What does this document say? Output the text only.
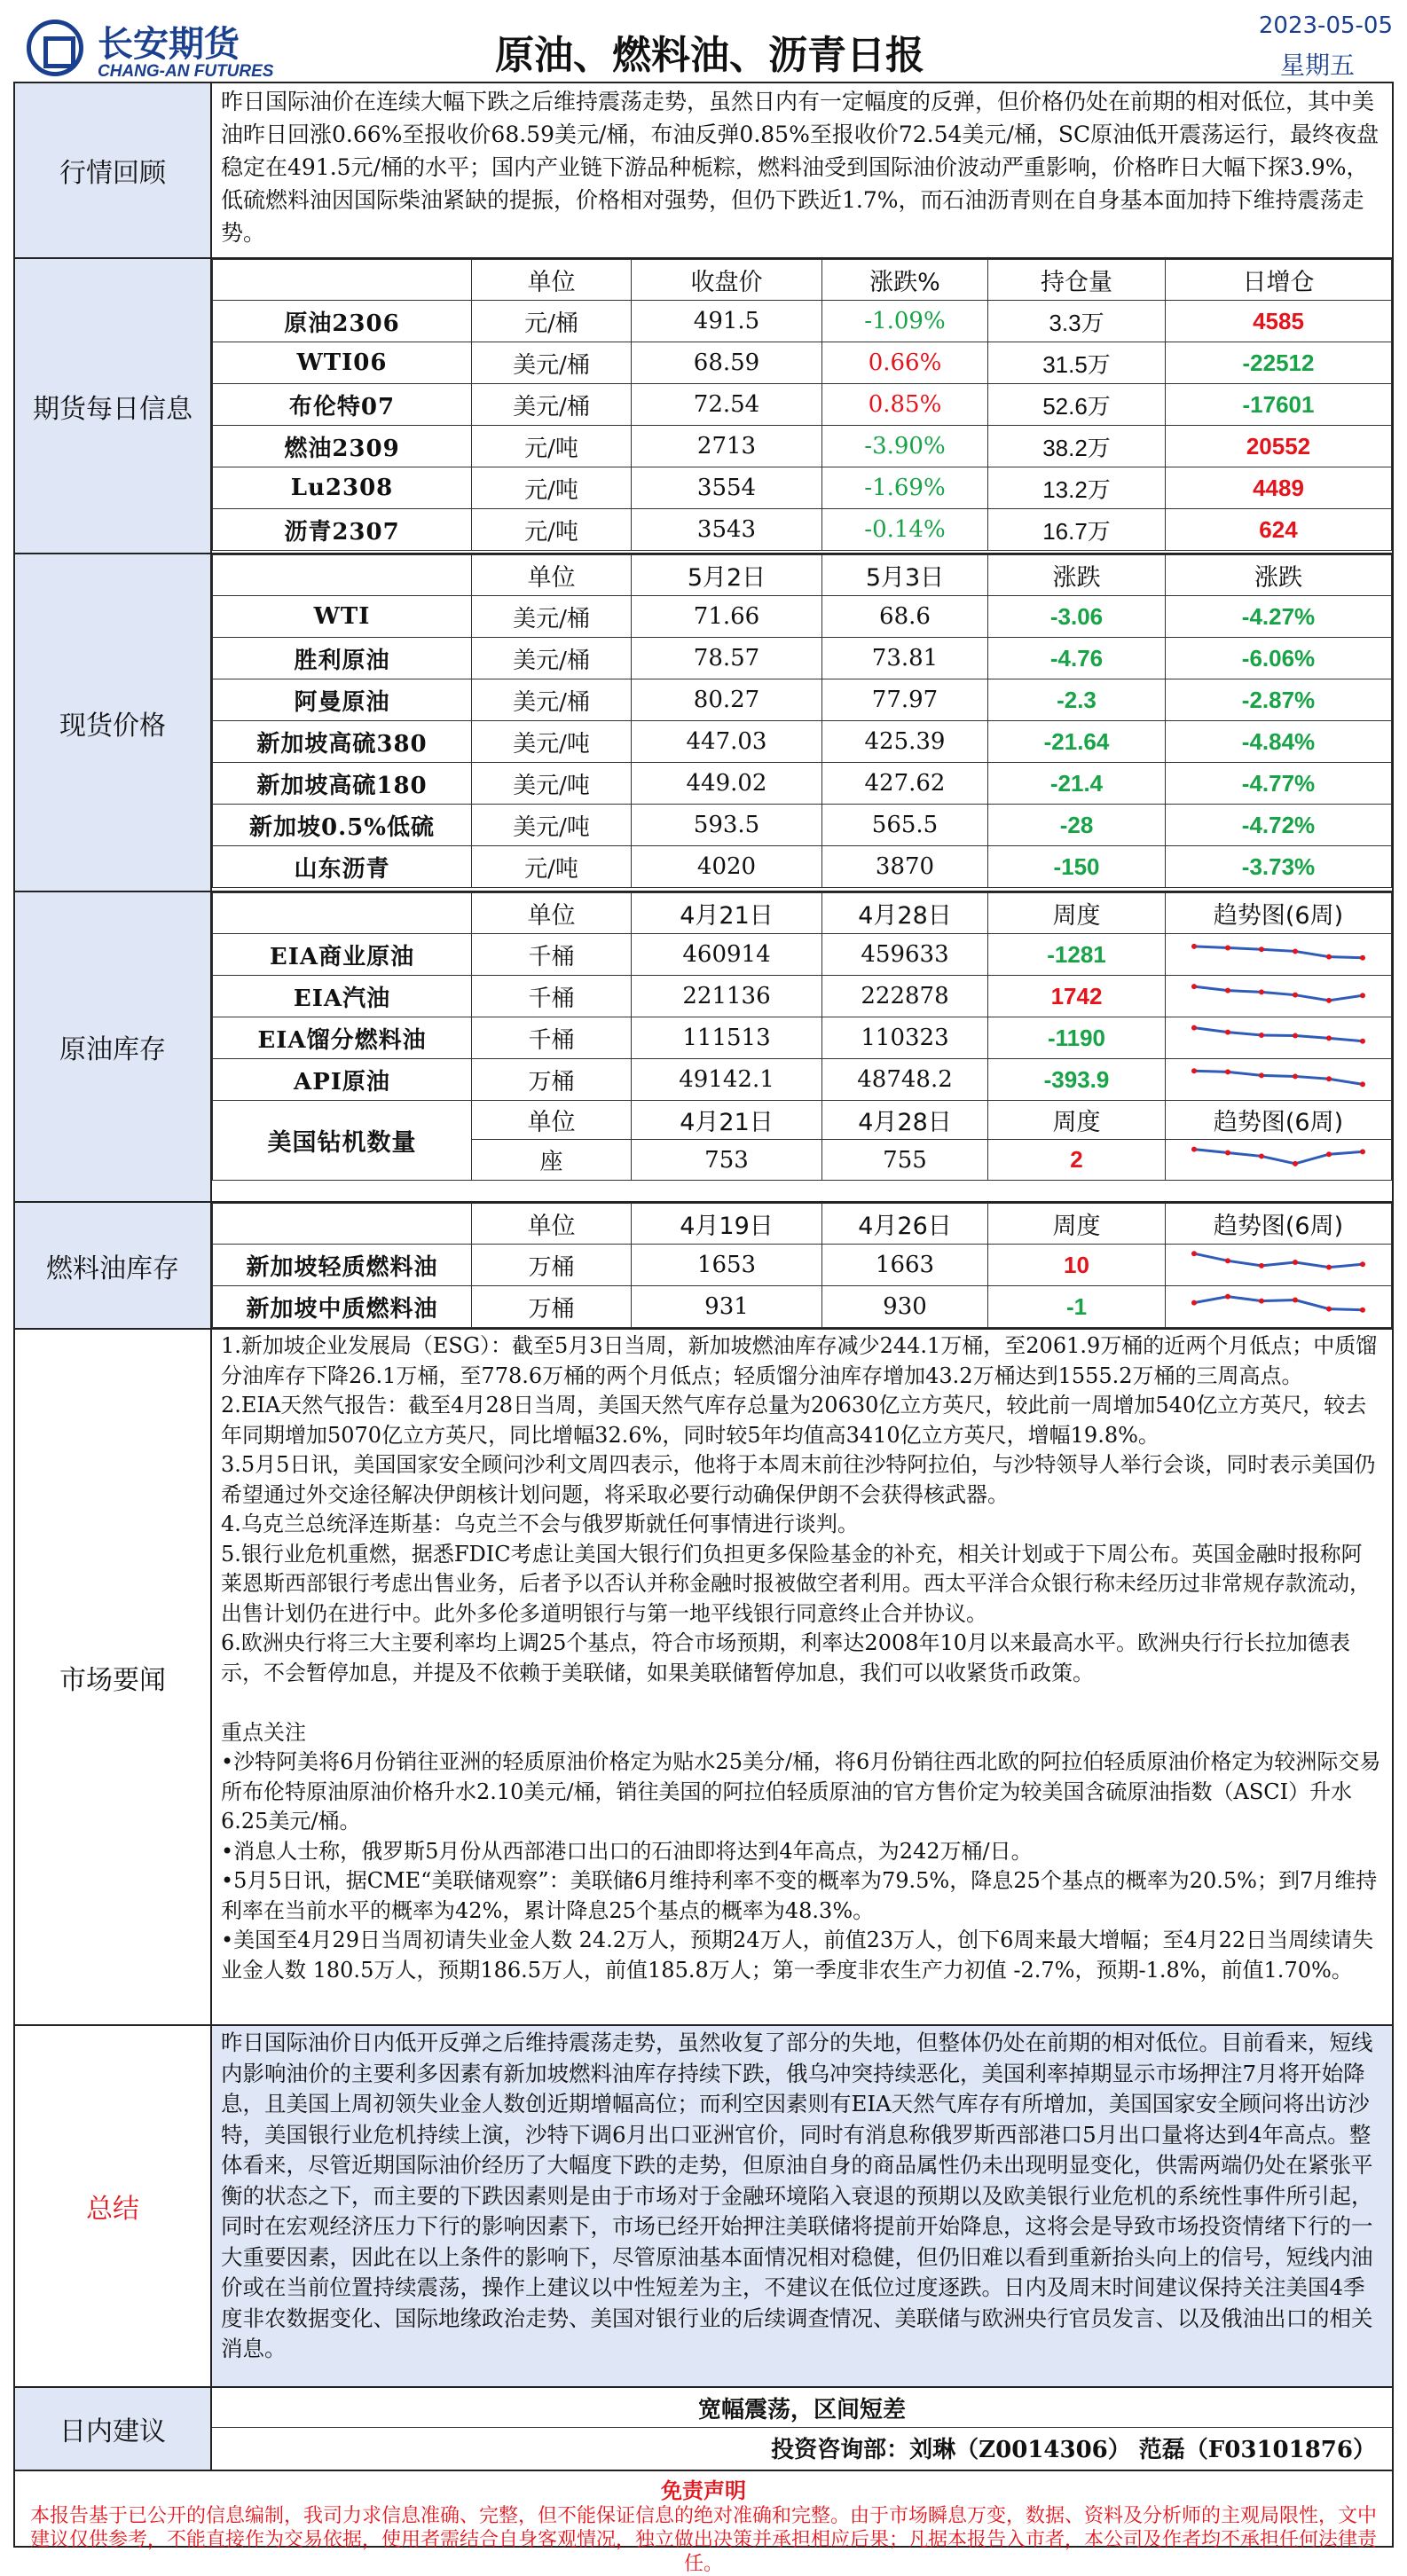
长安期货
CHANG-AN FUTURES	原油、燃料油、沥青日报
2023-05-05
星期五
行情回顾
昨日国际油价在连续大幅下跌之后维持震荡走势，虽然日内有一定幅度的反弹，但价格仍处在前期的相对低位，其中美油昨日回涨0.66%至报收价68.59美元/桶，布油反弹0.85%至报收价72.54美元/桶，SC原油低开震荡运行，最终夜盘稳定在491.5元/桶的水平；国内产业链下游品种栀粽，燃料油受到国际油价波动严重影响，价格昨日大幅下探3.9%，低硫燃料油因国际柴油紧缺的提振，价格相对强势，但仍下跌近1.7%，而石油沥青则在自身基本面加持下维持震荡走势。
期货每日信息
	单位	收盘价	涨跌%	持仓量	日增仓
原油2306	元/桶	491.5	-1.09%	3.3万	4585
WTI06	美元/桶	68.59	0.66%	31.5万	-22512
布伦特07	美元/桶	72.54	0.85%	52.6万	-17601
燃油2309	元/吨	2713	-3.90%	38.2万	20552
Lu2308	元/吨	3554	-1.69%	13.2万	4489
沥青2307	元/吨	3543	-0.14%	16.7万	624
现货价格
	单位	5月2日	5月3日	涨跌	涨跌
WTI	美元/桶	71.66	68.6	-3.06	-4.27%
胜利原油	美元/桶	78.57	73.81	-4.76	-6.06%
阿曼原油	美元/桶	80.27	77.97	-2.3	-2.87%
新加坡高硫380	美元/吨	447.03	425.39	-21.64	-4.84%
新加坡高硫180	美元/吨	449.02	427.62	-21.4	-4.77%
新加坡0.5%低硫	美元/吨	593.5	565.5	-28	-4.72%
山东沥青	元/吨	4020	3870	-150	-3.73%
原油库存
	单位	4月21日	4月28日	周度	趋势图(6周)
EIA商业原油	千桶	460914	459633	-1281	
EIA汽油	千桶	221136	222878	1742	
EIA馏分燃料油	千桶	111513	110323	-1190	
API原油	万桶	49142.1	48748.2	-393.9	
美国钻机数量	单位	4月21日	4月28日	周度	趋势图(6周)
	座	753	755	2	
燃料油库存
	单位	4月19日	4月26日	周度	趋势图(6周)
新加坡轻质燃料油	万桶	1653	1663	10	
新加坡中质燃料油	万桶	931	930	-1	
市场要闻
1.新加坡企业发展局（ESG）：截至5月3日当周，新加坡燃油库存减少244.1万桶，至2061.9万桶的近两个月低点；中质馏分油库存下降26.1万桶，至778.6万桶的两个月低点；轻质馏分油库存增加43.2万桶达到1555.2万桶的三周高点。
2.EIA天然气报告：截至4月28日当周，美国天然气库存总量为20630亿立方英尺，较此前一周增加540亿立方英尺，较去年同期增加5070亿立方英尺，同比增幅32.6%，同时较5年均值高3410亿立方英尺，增幅19.8%。
3.5月5日讯，美国国家安全顾问沙利文周四表示，他将于本周末前往沙特阿拉伯，与沙特领导人举行会谈，同时表示美国仍希望通过外交途径解决伊朗核计划问题，将采取必要行动确保伊朗不会获得核武器。
4.乌克兰总统泽连斯基：乌克兰不会与俄罗斯就任何事情进行谈判。
5.银行业危机重燃，据悉FDIC考虑让美国大银行们负担更多保险基金的补充，相关计划或于下周公布。英国金融时报称阿莱恩斯西部银行考虑出售业务，后者予以否认并称金融时报被做空者利用。西太平洋合众银行称未经历过非常规存款流动，出售计划仍在进行中。此外多伦多道明银行与第一地平线银行同意终止合并协议。
6.欧洲央行将三大主要利率均上调25个基点，符合市场预期，利率达2008年10月以来最高水平。欧洲央行行长拉加德表示，不会暂停加息，并提及不依赖于美联储，如果美联储暂停加息，我们可以收紧货币政策。

重点关注
•沙特阿美将6月份销往亚洲的轻质原油价格定为贴水25美分/桶，将6月份销往西北欧的阿拉伯轻质原油价格定为较洲际交易所布伦特原油原油价格升水2.10美元/桶，销往美国的阿拉伯轻质原油的官方售价定为较美国含硫原油指数（ASCI）升水6.25美元/桶。
•消息人士称，俄罗斯5月份从西部港口出口的石油即将达到4年高点，为242万桶/日。
•5月5日讯，据CME“美联储观察”：美联储6月维持利率不变的概率为79.5%，降息25个基点的概率为20.5%；到7月维持利率在当前水平的概率为42%，累计降息25个基点的概率为48.3%。
•美国至4月29日当周初请失业金人数 24.2万人，预期24万人，前值23万人，创下6周来最大增幅；至4月22日当周续请失业金人数 180.5万人，预期186.5万人，前值185.8万人；第一季度非农生产力初值 -2.7%，预期-1.8%，前值1.70%。
总结
昨日国际油价日内低开反弹之后维持震荡走势，虽然收复了部分的失地，但整体仍处在前期的相对低位。目前看来，短线内影响油价的主要利多因素有新加坡燃料油库存持续下跌，俄乌冲突持续恶化，美国利率掉期显示市场押注7月将开始降息，且美国上周初领失业金人数创近期增幅高位；而利空因素则有EIA天然气库存有所增加，美国国家安全顾问将出访沙特，美国银行业危机持续上演，沙特下调6月出口亚洲官价，同时有消息称俄罗斯西部港口5月出口量将达到4年高点。整体看来，尽管近期国际油价经历了大幅度下跌的走势，但原油自身的商品属性仍未出现明显变化，供需两端仍处在紧张平衡的状态之下，而主要的下跌因素则是由于市场对于金融环境陷入衰退的预期以及欧美银行业危机的系统性事件所引起，同时在宏观经济压力下行的影响因素下，市场已经开始押注美联储将提前开始降息，这将会是导致市场投资情绪下行的一大重要因素，因此在以上条件的影响下，尽管原油基本面情况相对稳健，但仍旧难以看到重新抬头向上的信号，短线内油价或在当前位置持续震荡，操作上建议以中性短差为主，不建议在低位过度逐跌。日内及周末时间建议保持关注美国4季度非农数据变化、国际地缘政治走势、美国对银行业的后续调查情况、美联储与欧洲央行官员发言、以及俄油出口的相关消息。
日内建议
宽幅震荡，区间短差
投资咨询部：刘琳（Z0014306） 范磊（F03101876）
免责声明
本报告基于已公开的信息编制，我司力求信息准确、完整，但不能保证信息的绝对准确和完整。由于市场瞬息万变，数据、资料及分析师的主观局限性，文中建议仅供参考，不能直接作为交易依据，使用者需结合自身客观情况，独立做出决策并承担相应后果；凡据本报告入市者，本公司及作者均不承担任何法律责任。
